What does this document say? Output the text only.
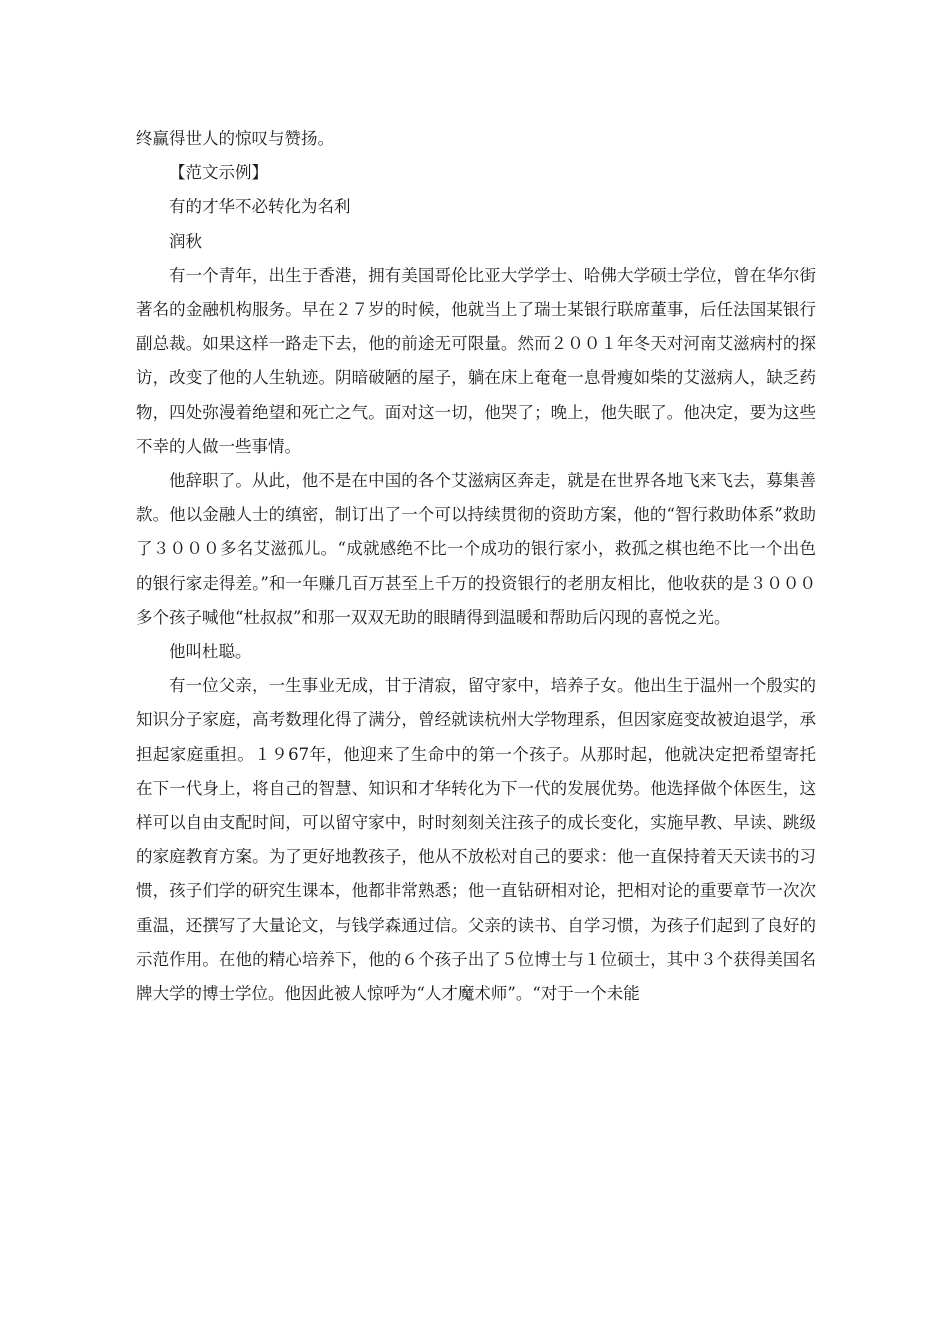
终赢得世人的惊叹与赞扬。

【范文示例】

有的才华不必转化为名利

润秋

有一个青年，出生于香港，拥有美国哥伦比亚大学学士、哈佛大学硕士学位，曾在华尔街著名的金融机构服务。早在２７岁的时候，他就当上了瑞士某银行联席董事，后任法国某银行副总裁。如果这样一路走下去，他的前途无可限量。然而２００１年冬天对河南艾滋病村的探访，改变了他的人生轨迹。阴暗破陋的屋子，躺在床上奄奄一息骨瘦如柴的艾滋病人，缺乏药物，四处弥漫着绝望和死亡之气。面对这一切，他哭了；晚上，他失眠了。他决定，要为这些不幸的人做一些事情。

他辞职了。从此，他不是在中国的各个艾滋病区奔走，就是在世界各地飞来飞去，募集善款。他以金融人士的缜密，制订出了一个可以持续贯彻的资助方案，他的“智行救助体系”救助了３０００多名艾滋孤儿。“成就感绝不比一个成功的银行家小，救孤之棋也绝不比一个出色的银行家走得差。”和一年赚几百万甚至上千万的投资银行的老朋友相比，他收获的是３０００多个孩子喊他“杜叔叔”和那一双双无助的眼睛得到温暖和帮助后闪现的喜悦之光。

他叫杜聪。

有一位父亲，一生事业无成，甘于清寂，留守家中，培养子女。他出生于温州一个殷实的知识分子家庭，高考数理化得了满分，曾经就读杭州大学物理系，但因家庭变故被迫退学，承担起家庭重担。１９67年，他迎来了生命中的第一个孩子。从那时起，他就决定把希望寄托在下一代身上，将自己的智慧、知识和才华转化为下一代的发展优势。他选择做个体医生，这样可以自由支配时间，可以留守家中，时时刻刻关注孩子的成长变化，实施早教、早读、跳级的家庭教育方案。为了更好地教孩子，他从不放松对自己的要求：他一直保持着天天读书的习惯，孩子们学的研究生课本，他都非常熟悉；他一直钻研相对论，把相对论的重要章节一次次重温，还撰写了大量论文，与钱学森通过信。父亲的读书、自学习惯，为孩子们起到了良好的示范作用。在他的精心培养下，他的６个孩子出了５位博士与１位硕士，其中３个获得美国名牌大学的博士学位。他因此被人惊呼为“人才魔术师”。“对于一个未能
